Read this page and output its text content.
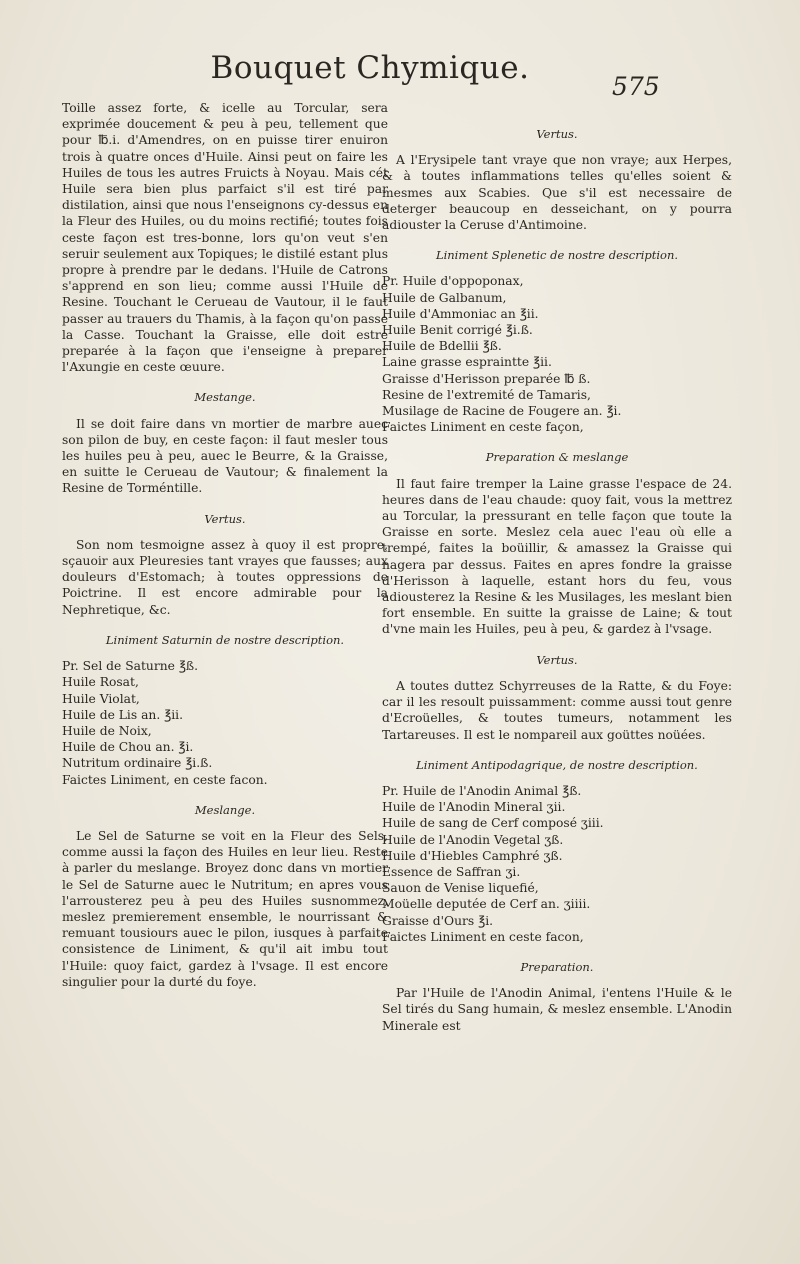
Bouquet Chymique.
575

Toille assez forte, & icelle au Torcular, sera exprimée doucement & peu à peu, tellement que pour ℔.i. d'Amendres, on en puisse tirer enuiron trois à quatre onces d'Huile. Ainsi peut on faire les Huiles de tous les autres Fruicts à Noyau. Mais cét Huile sera bien plus parfaict s'il est tiré par distilation, ainsi que nous l'enseignons cy-dessus en la Fleur des Huiles, ou du moins rectifié; toutes fois ceste façon est tres-bonne, lors qu'on veut s'en seruir seulement aux Topiques; le distilé estant plus propre à prendre par le dedans. l'Huile de Catrons s'apprend en son lieu; comme aussi l'Huile de Resine. Touchant le Cerueau de Vautour, il le faut passer au trauers du Thamis, à la façon qu'on passe la Casse. Touchant la Graisse, elle doit estre preparée à la façon que i'enseigne à preparer l'Axungie en ceste œuure.

Mestange.

Il se doit faire dans vn mortier de marbre auec son pilon de buy, en ceste façon: il faut mesler tous les huiles peu à peu, auec le Beurre, & la Graisse, en suitte le Cerueau de Vautour; & finalement la Resine de Torméntille.

Vertus.

Son nom tesmoigne assez à quoy il est propre, sçauoir aux Pleuresies tant vrayes que fausses; aux douleurs d'Estomach; à toutes oppressions de Poictrine. Il est encore admirable pour la Nephretique, &c.

Liniment Saturnin de nostre description.
Pr. Sel de Saturne ℥ß.
Huile Rosat,
Huile Violat,
Huile de Lis an. ℥ii.
Huile de Noix,
Huile de Chou an. ℥i.
Nutritum ordinaire ℥i.ß.
Faictes Liniment, en ceste facon.
Meslange.

Le Sel de Saturne se voit en la Fleur des Sels, comme aussi la façon des Huiles en leur lieu. Reste à parler du meslange. Broyez donc dans vn mortier le Sel de Saturne auec le Nutritum; en apres vous l'arrousterez peu à peu des Huiles susnommez, meslez premierement ensemble, le nourrissant & remuant tousiours auec le pilon, iusques à parfaite consistence de Liniment, & qu'il ait imbu tout l'Huile: quoy faict, gardez à l'vsage. Il est encore singulier pour la durté du foye.

Vertus.

A l'Erysipele tant vraye que non vraye; aux Herpes, & à toutes inflammations telles qu'elles soient & mesmes aux Scabies. Que s'il est necessaire de deterger beaucoup en desseichant, on y pourra adiouster la Ceruse d'Antimoine.

Liniment Splenetic de nostre description.
Pr. Huile d'oppoponax,
Huile de Galbanum,
Huile d'Ammoniac an ℥ii.
Huile Benit corrigé ℥i.ß.
Huile de Bdellii ℥ß.
Laine grasse espraintte ℥ii.
Graisse d'Herisson preparée ℔ ß.
Resine de l'extremité de Tamaris,
Musilage de Racine de Fougere an. ℥i.
Faictes Liniment en ceste façon,
Preparation & meslange

Il faut faire tremper la Laine grasse l'espace de 24. heures dans de l'eau chaude: quoy fait, vous la mettrez au Torcular, la pressurant en telle façon que toute la Graisse en sorte. Meslez cela auec l'eau où elle a trempé, faites la boüillir, & amassez la Graisse qui nagera par dessus. Faites en apres fondre la graisse d'Herisson à laquelle, estant hors du feu, vous adiousterez la Resine & les Musilages, les meslant bien fort ensemble. En suitte la graisse de Laine; & tout d'vne main les Huiles, peu à peu, & gardez à l'vsage.

Vertus.

A toutes duttez Schyrreuses de la Ratte, & du Foye: car il les resoult puissamment: comme aussi tout genre d'Ecroüelles, & toutes tumeurs, notamment les Tartareuses. Il est le nompareil aux goüttes noüées.

Liniment Antipodagrique, de nostre description.
Pr. Huile de l'Anodin Animal ℥ß.
Huile de l'Anodin Mineral ʒii.
Huile de sang de Cerf composé ʒiii.
Huile de l'Anodin Vegetal ʒß.
Huile d'Hiebles Camphré ʒß.
Essence de Saffran ʒi.
Sauon de Venise liquefié,
Moüelle deputée de Cerf an. ʒiiii.
Graisse d'Ours ℥i.
Faictes Liniment en ceste facon,
Preparation.

Par l'Huile de l'Anodin Animal, i'entens l'Huile & le Sel tirés du Sang humain, & meslez ensemble. L'Anodin Minerale est
